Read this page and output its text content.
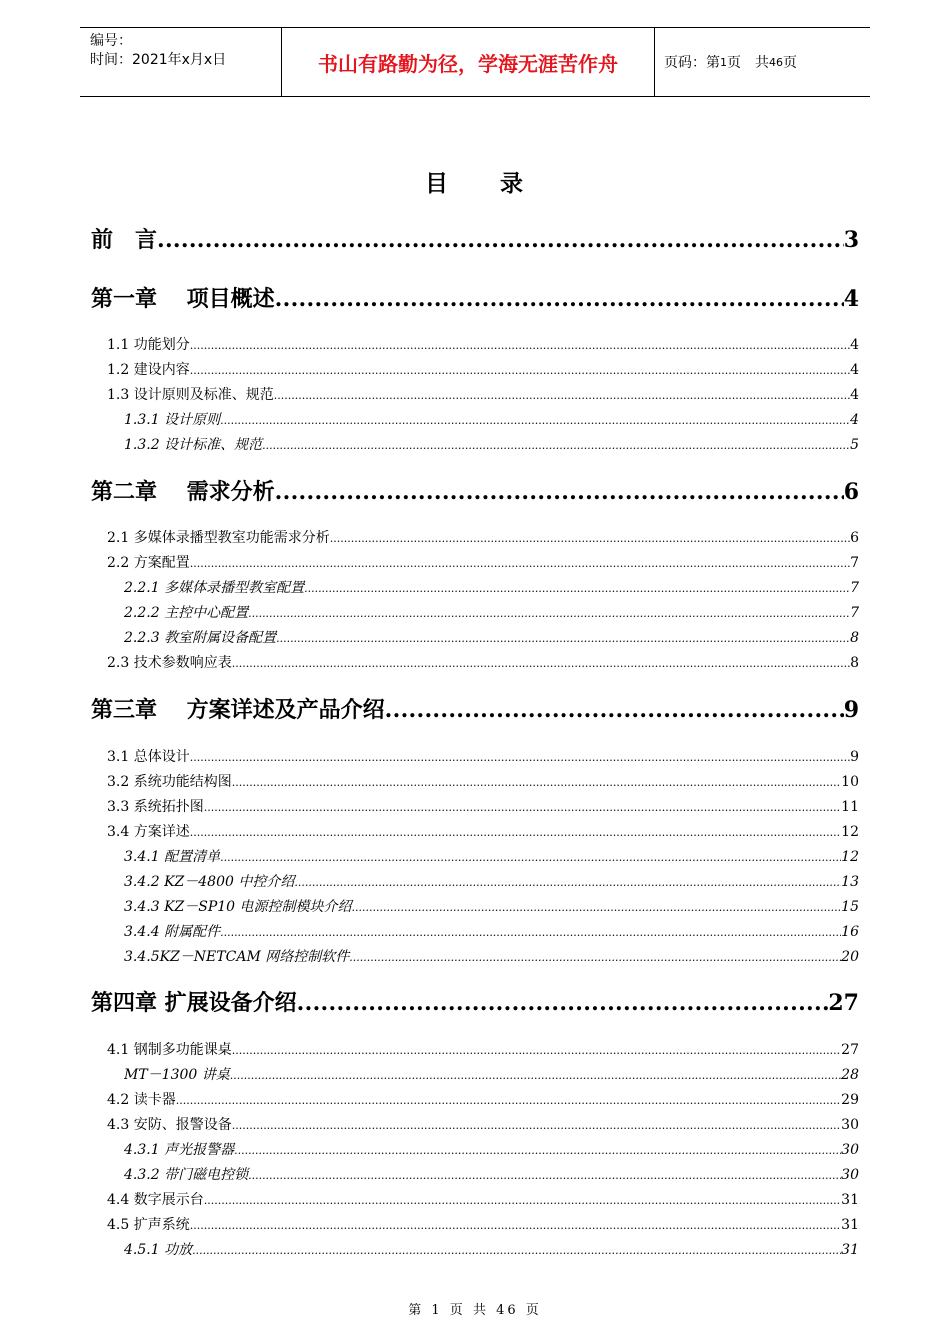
编号：
时间：2021年x月x日	书山有路勤为径，学海无涯苦作舟	页码：第 1 页　共 46 页
目 录
前　言 .....	3
第一章　 项目概述 .....	4
1.1 功能划分 .....	4
1.2 建设内容 .....	4
1.3 设计原则及标准、规范 .....	4
1.3.1 设计原则 .....	4
1.3.2 设计标准、规范 .....	5
第二章　 需求分析 .....	6
2.1 多媒体录播型教室功能需求分析 .....	6
2.2 方案配置 .....	7
2.2.1 多媒体录播型教室配置 .....	7
2.2.2 主控中心配置 .....	7
2.2.3 教室附属设备配置 .....	8
2.3 技术参数响应表 .....	8
第三章　 方案详述及产品介绍 .....	9
3.1 总体设计 .....	9
3.2 系统功能结构图 .....	10
3.3 系统拓扑图 .....	11
3.4 方案详述 .....	12
3.4.1 配置清单 .....	12
3.4.2 KZ－4800 中控介绍 .....	13
3.4.3 KZ－SP10 电源控制模块介绍 .....	15
3.4.4 附属配件 .....	16
3.4.5KZ－NETCAM 网络控制软件 .....	20
第四章 扩展设备介绍 .....	27
4.1 钢制多功能课桌 .....	27
MT－1300 讲桌 .....	28
4.2 读卡器 .....	29
4.3 安防、报警设备 .....	30
4.3.1 声光报警器 .....	30
4.3.2 带门磁电控锁 .....	30
4.4 数字展示台 .....	31
4.5 扩声系统 .....	31
4.5.1 功放 .....	31
第 1 页 共 46 页
